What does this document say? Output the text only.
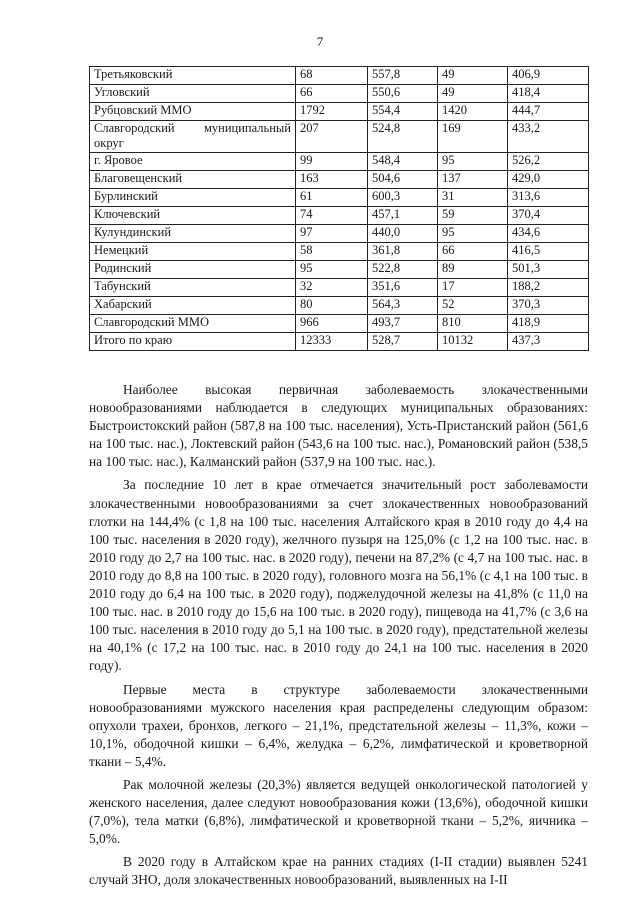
7
Третьяковский	68	557,8	49	406,9
Угловский	66	550,6	49	418,4
Рубцовский ММО	1792	554,4	1420	444,7
Славгородский муниципальный округ	207	524,8	169	433,2
г. Яровое	99	548,4	95	526,2
Благовещенский	163	504,6	137	429,0
Бурлинский	61	600,3	31	313,6
Ключевский	74	457,1	59	370,4
Кулундинский	97	440,0	95	434,6
Немецкий	58	361,8	66	416,5
Родинский	95	522,8	89	501,3
Табунский	32	351,6	17	188,2
Хабарский	80	564,3	52	370,3
Славгородский ММО	966	493,7	810	418,9
Итого по краю	12333	528,7	10132	437,3

Наиболее высокая первичная заболеваемость злокачественными новообразованиями наблюдается в следующих муниципальных образованиях: Быстроистокский район (587,8 на 100 тыс. населения), Усть-Пристанский район (561,6 на 100 тыс. нас.), Локтевский район (543,6 на 100 тыс. нас.), Романовский район (538,5 на 100 тыс. нас.), Калманский район (537,9 на 100 тыс. нас.).

За последние 10 лет в крае отмечается значительный рост заболевамости злокачественными новообразованиями за счет злокачественных новообразований глотки на 144,4% (с 1,8 на 100 тыс. населения Алтайского края в 2010 году до 4,4 на 100 тыс. населения в 2020 году), желчного пузыря на 125,0% (с 1,2 на 100 тыс. нас. в 2010 году до 2,7 на 100 тыс. нас. в 2020 году), печени на 87,2% (с 4,7 на 100 тыс. нас. в 2010 году до 8,8 на 100 тыс. в 2020 году), головного мозга на 56,1% (с 4,1 на 100 тыс. в 2010 году до 6,4 на 100 тыс. в 2020 году), поджелудочной железы на 41,8% (с 11,0 на 100 тыс. нас. в 2010 году до 15,6 на 100 тыс. в 2020 году), пищевода на 41,7% (с 3,6 на 100 тыс. населения в 2010 году до 5,1 на 100 тыс. в 2020 году), предстательной железы на 40,1% (с 17,2 на 100 тыс. нас. в 2010 году до 24,1 на 100 тыс. населения в 2020 году).

Первые места в структуре заболеваемости злокачественными новообразованиями мужского населения края распределены следующим образом: опухоли трахеи, бронхов, легкого – 21,1%, предстательной железы – 11,3%, кожи – 10,1%, ободочной кишки – 6,4%, желудка – 6,2%, лимфатической и кроветворной ткани – 5,4%.

Рак молочной железы (20,3%) является ведущей онкологической патологией у женского населения, далее следуют новообразования кожи (13,6%), ободочной кишки (7,0%), тела матки (6,8%), лимфатической и кроветворной ткани – 5,2%, яичника – 5,0%.

В 2020 году в Алтайском крае на ранних стадиях (I-II стадии) выявлен 5241 случай ЗНО, доля злокачественных новообразований, выявленных на I-II
